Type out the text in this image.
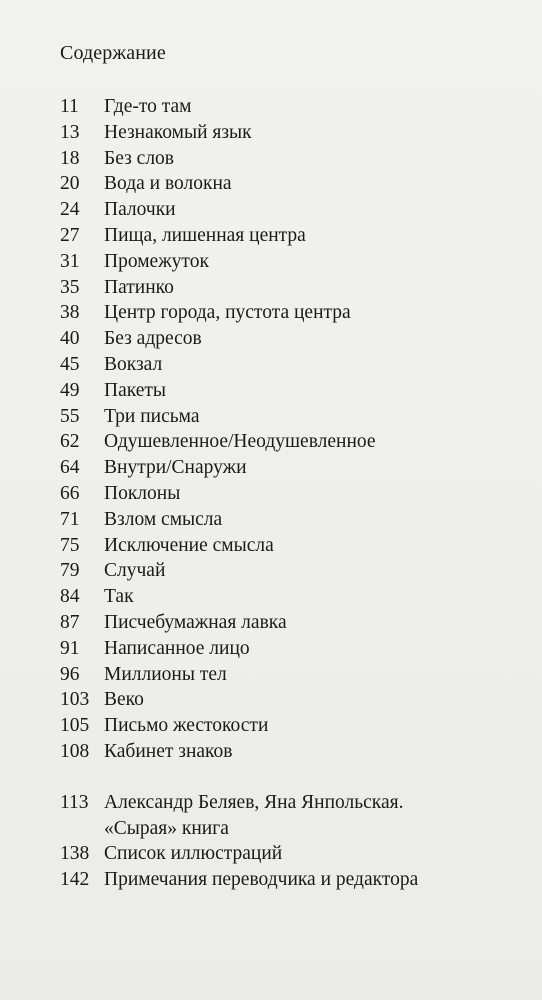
Содержание
11	Где-то там
13	Незнакомый язык
18	Без слов
20	Вода и волокна
24	Палочки
27	Пища, лишенная центра
31	Промежуток
35	Патинко
38	Центр города, пустота центра
40	Без адресов
45	Вокзал
49	Пакеты
55	Три письма
62	Одушевленное/Неодушевленное
64	Внутри/Снаружи
66	Поклоны
71	Взлом смысла
75	Исключение смысла
79	Случай
84	Так
87	Писчебумажная лавка
91	Написанное лицо
96	Миллионы тел
103 Веко
105 Письмо жестокости
108 Кабинет знаков
113 Александр Беляев, Яна Янпольская.
«Сырая» книга
138 Список иллюстраций
142 Примечания переводчика и редактора
